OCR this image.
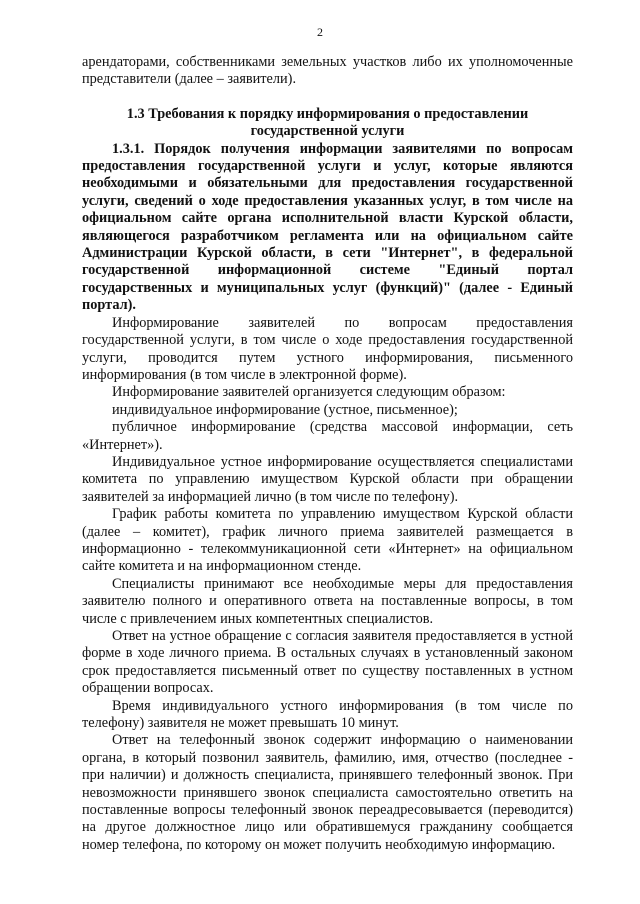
2

арендаторами, собственниками земельных участков либо их уполномоченные представители (далее – заявители).

1.3 Требования к порядку информирования о предоставлении
государственной услуги

1.3.1. Порядок получения информации заявителями по вопросам предоставления государственной услуги и услуг, которые являются необходимыми и обязательными для предоставления государственной услуги, сведений о ходе предоставления указанных услуг, в том числе на официальном сайте органа исполнительной власти Курской области, являющегося разработчиком регламента или на официальном сайте Администрации Курской области, в сети "Интернет", в федеральной государственной информационной системе "Единый портал государственных и муниципальных услуг (функций)" (далее - Единый портал).

Информирование заявителей по вопросам предоставления государственной услуги, в том числе о ходе предоставления государственной услуги, проводится путем устного информирования, письменного информирования (в том числе в электронной форме).

Информирование заявителей организуется следующим образом:

индивидуальное информирование (устное, письменное);

публичное информирование (средства массовой информации, сеть «Интернет»).

Индивидуальное устное информирование осуществляется специалистами комитета по управлению имуществом Курской области при обращении заявителей за информацией лично (в том числе по телефону).

График работы комитета по управлению имуществом Курской области (далее – комитет), график личного приема заявителей размещается в информационно - телекоммуникационной сети «Интернет» на официальном сайте комитета и на информационном стенде.

Специалисты принимают все необходимые меры для предоставления заявителю полного и оперативного ответа на поставленные вопросы, в том числе с привлечением иных компетентных специалистов.

Ответ на устное обращение с согласия заявителя предоставляется в устной форме в ходе личного приема. В остальных случаях в установленный законом срок предоставляется письменный ответ по существу поставленных в устном обращении вопросах.

Время индивидуального устного информирования (в том числе по телефону) заявителя не может превышать 10 минут.

Ответ на телефонный звонок содержит информацию о наименовании органа, в который позвонил заявитель, фамилию, имя, отчество (последнее - при наличии) и должность специалиста, принявшего телефонный звонок. При невозможности принявшего звонок специалиста самостоятельно ответить на поставленные вопросы телефонный звонок переадресовывается (переводится) на другое должностное лицо или обратившемуся гражданину сообщается номер телефона, по которому он может получить необходимую информацию.
